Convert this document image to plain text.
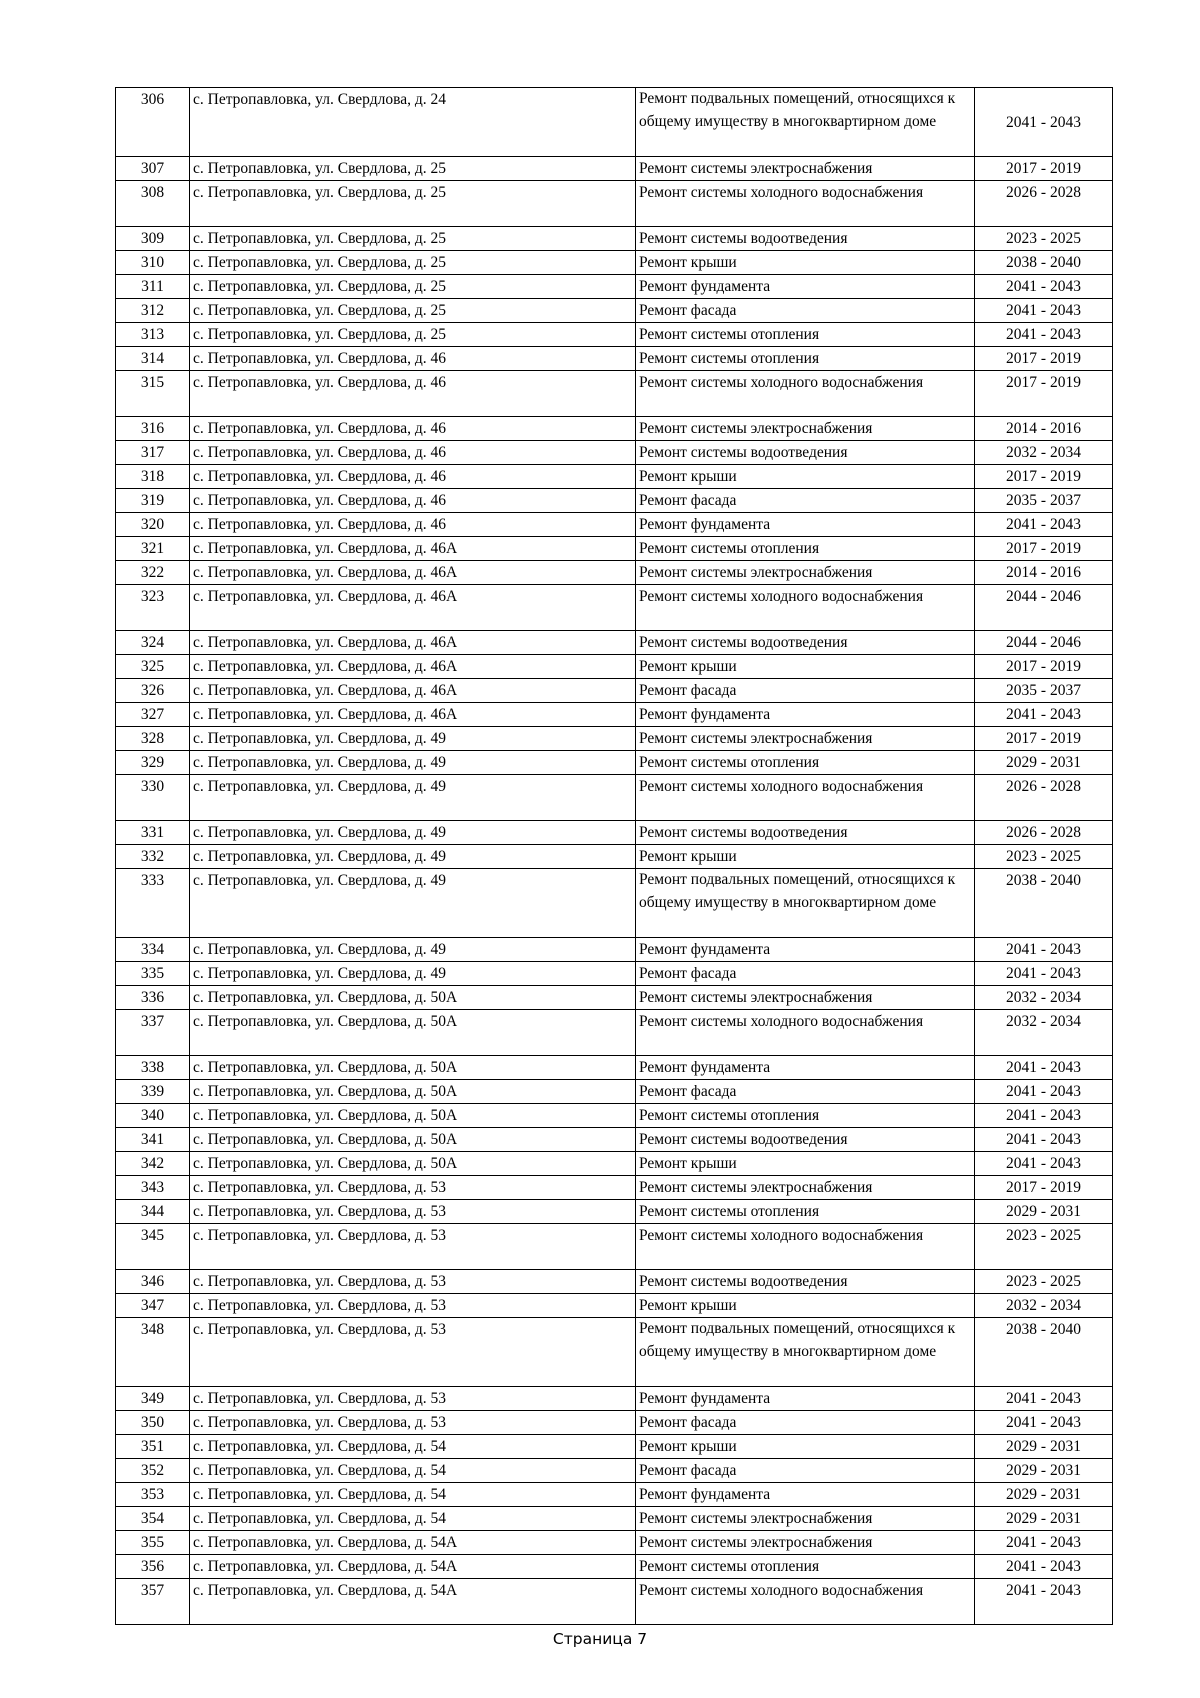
306	с. Петропавловка, ул. Свердлова, д. 24	Ремонт подвальных помещений, относящихся к общему имуществу в многоквартирном доме	2041 - 2043
307	с. Петропавловка, ул. Свердлова, д. 25	Ремонт системы электроснабжения	2017 - 2019
308	с. Петропавловка, ул. Свердлова, д. 25	Ремонт системы холодного водоснабжения	2026 - 2028
309	с. Петропавловка, ул. Свердлова, д. 25	Ремонт системы водоотведения	2023 - 2025
310	с. Петропавловка, ул. Свердлова, д. 25	Ремонт крыши	2038 - 2040
311	с. Петропавловка, ул. Свердлова, д. 25	Ремонт фундамента	2041 - 2043
312	с. Петропавловка, ул. Свердлова, д. 25	Ремонт фасада	2041 - 2043
313	с. Петропавловка, ул. Свердлова, д. 25	Ремонт системы отопления	2041 - 2043
314	с. Петропавловка, ул. Свердлова, д. 46	Ремонт системы отопления	2017 - 2019
315	с. Петропавловка, ул. Свердлова, д. 46	Ремонт системы холодного водоснабжения	2017 - 2019
316	с. Петропавловка, ул. Свердлова, д. 46	Ремонт системы электроснабжения	2014 - 2016
317	с. Петропавловка, ул. Свердлова, д. 46	Ремонт системы водоотведения	2032 - 2034
318	с. Петропавловка, ул. Свердлова, д. 46	Ремонт крыши	2017 - 2019
319	с. Петропавловка, ул. Свердлова, д. 46	Ремонт фасада	2035 - 2037
320	с. Петропавловка, ул. Свердлова, д. 46	Ремонт фундамента	2041 - 2043
321	с. Петропавловка, ул. Свердлова, д. 46А	Ремонт системы отопления	2017 - 2019
322	с. Петропавловка, ул. Свердлова, д. 46А	Ремонт системы электроснабжения	2014 - 2016
323	с. Петропавловка, ул. Свердлова, д. 46А	Ремонт системы холодного водоснабжения	2044 - 2046
324	с. Петропавловка, ул. Свердлова, д. 46А	Ремонт системы водоотведения	2044 - 2046
325	с. Петропавловка, ул. Свердлова, д. 46А	Ремонт крыши	2017 - 2019
326	с. Петропавловка, ул. Свердлова, д. 46А	Ремонт фасада	2035 - 2037
327	с. Петропавловка, ул. Свердлова, д. 46А	Ремонт фундамента	2041 - 2043
328	с. Петропавловка, ул. Свердлова, д. 49	Ремонт системы электроснабжения	2017 - 2019
329	с. Петропавловка, ул. Свердлова, д. 49	Ремонт системы отопления	2029 - 2031
330	с. Петропавловка, ул. Свердлова, д. 49	Ремонт системы холодного водоснабжения	2026 - 2028
331	с. Петропавловка, ул. Свердлова, д. 49	Ремонт системы водоотведения	2026 - 2028
332	с. Петропавловка, ул. Свердлова, д. 49	Ремонт крыши	2023 - 2025
333	с. Петропавловка, ул. Свердлова, д. 49	Ремонт подвальных помещений, относящихся к общему имуществу в многоквартирном доме	2038 - 2040
334	с. Петропавловка, ул. Свердлова, д. 49	Ремонт фундамента	2041 - 2043
335	с. Петропавловка, ул. Свердлова, д. 49	Ремонт фасада	2041 - 2043
336	с. Петропавловка, ул. Свердлова, д. 50А	Ремонт системы электроснабжения	2032 - 2034
337	с. Петропавловка, ул. Свердлова, д. 50А	Ремонт системы холодного водоснабжения	2032 - 2034
338	с. Петропавловка, ул. Свердлова, д. 50А	Ремонт фундамента	2041 - 2043
339	с. Петропавловка, ул. Свердлова, д. 50А	Ремонт фасада	2041 - 2043
340	с. Петропавловка, ул. Свердлова, д. 50А	Ремонт системы отопления	2041 - 2043
341	с. Петропавловка, ул. Свердлова, д. 50А	Ремонт системы водоотведения	2041 - 2043
342	с. Петропавловка, ул. Свердлова, д. 50А	Ремонт крыши	2041 - 2043
343	с. Петропавловка, ул. Свердлова, д. 53	Ремонт системы электроснабжения	2017 - 2019
344	с. Петропавловка, ул. Свердлова, д. 53	Ремонт системы отопления	2029 - 2031
345	с. Петропавловка, ул. Свердлова, д. 53	Ремонт системы холодного водоснабжения	2023 - 2025
346	с. Петропавловка, ул. Свердлова, д. 53	Ремонт системы водоотведения	2023 - 2025
347	с. Петропавловка, ул. Свердлова, д. 53	Ремонт крыши	2032 - 2034
348	с. Петропавловка, ул. Свердлова, д. 53	Ремонт подвальных помещений, относящихся к общему имуществу в многоквартирном доме	2038 - 2040
349	с. Петропавловка, ул. Свердлова, д. 53	Ремонт фундамента	2041 - 2043
350	с. Петропавловка, ул. Свердлова, д. 53	Ремонт фасада	2041 - 2043
351	с. Петропавловка, ул. Свердлова, д. 54	Ремонт крыши	2029 - 2031
352	с. Петропавловка, ул. Свердлова, д. 54	Ремонт фасада	2029 - 2031
353	с. Петропавловка, ул. Свердлова, д. 54	Ремонт фундамента	2029 - 2031
354	с. Петропавловка, ул. Свердлова, д. 54	Ремонт системы электроснабжения	2029 - 2031
355	с. Петропавловка, ул. Свердлова, д. 54А	Ремонт системы электроснабжения	2041 - 2043
356	с. Петропавловка, ул. Свердлова, д. 54А	Ремонт системы отопления	2041 - 2043
357	с. Петропавловка, ул. Свердлова, д. 54А	Ремонт системы холодного водоснабжения	2041 - 2043
Страница 7
